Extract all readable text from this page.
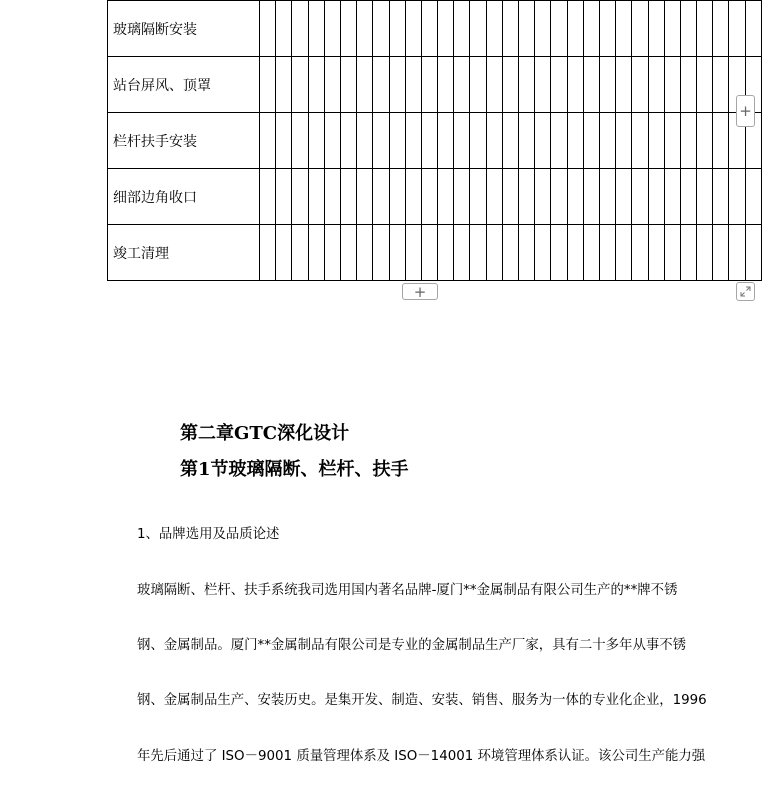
玻璃隔断安装																															
站台屏风、顶罩																															
栏杆扶手安装																															
细部边角收口																															
竣工清理																															
+
+
第二章GTC深化设计
第1节玻璃隔断、栏杆、扶手
1、品牌选用及品质论述
玻璃隔断、栏杆、扶手系统我司选用国内著名品牌-厦门**金属制品有限公司生产的**牌不锈
钢、金属制品。厦门**金属制品有限公司是专业的金属制品生产厂家，具有二十多年从事不锈
钢、金属制品生产、安装历史。是集开发、制造、安装、销售、服务为一体的专业化企业，1996
年先后通过了 ISO－9001 质量管理体系及 ISO－14001 环境管理体系认证。该公司生产能力强
